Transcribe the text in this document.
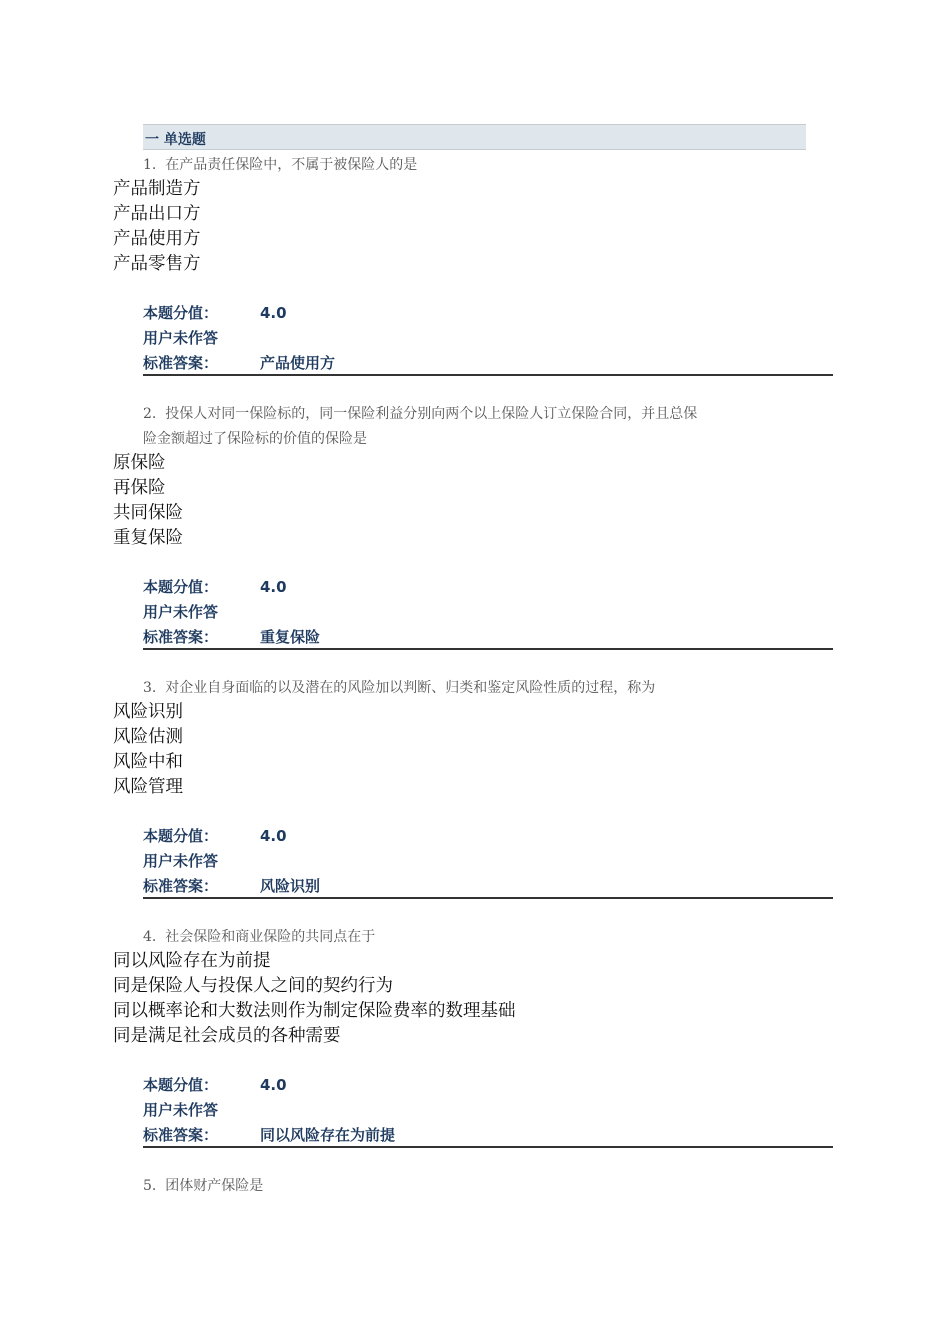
一 单选题
1. 在产品责任保险中，不属于被保险人的是
产品制造方
产品出口方
产品使用方
产品零售方
本题分值：	4.0
用户未作答
标准答案：	产品使用方
2. 投保人对同一保险标的，同一保险利益分别向两个以上保险人订立保险合同，并且总保
险金额超过了保险标的价值的保险是
原保险
再保险
共同保险
重复保险
本题分值：	4.0
用户未作答
标准答案：	重复保险
3. 对企业自身面临的以及潜在的风险加以判断、归类和鉴定风险性质的过程，称为
风险识别
风险估测
风险中和
风险管理
本题分值：	4.0
用户未作答
标准答案：	风险识别
4. 社会保险和商业保险的共同点在于
同以风险存在为前提
同是保险人与投保人之间的契约行为
同以概率论和大数法则作为制定保险费率的数理基础
同是满足社会成员的各种需要
本题分值：	4.0
用户未作答
标准答案：	同以风险存在为前提
5. 团体财产保险是
